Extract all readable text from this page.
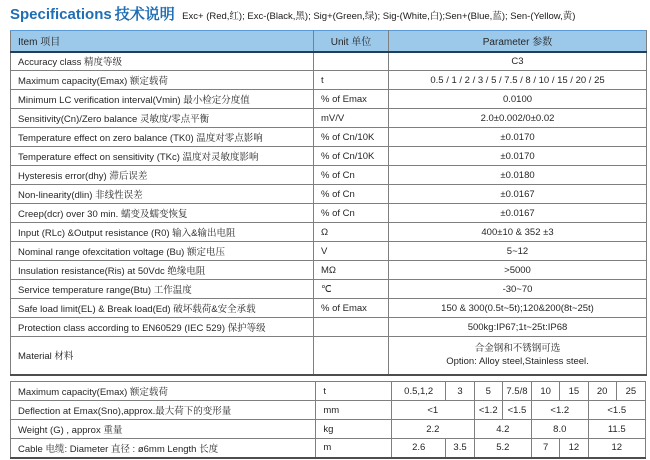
Specifications 技术说明 Exc+ (Red,红); Exc-(Black,黑); Sig+(Green,绿); Sig-(White,白);Sen+(Blue,蓝); Sen-(Yellow,黄)
Item 项目	Unit 单位	Parameter 参数
Accuracy class 精度等级		C3
Maximum capacity(Emax) 额定载荷	t	0.5 / 1 / 2 / 3 / 5 / 7.5 / 8 / 10 / 15 / 20 / 25
Minimum LC verification interval(Vmin) 最小检定分度值	% of Emax	0.0100
Sensitivity(Cn)/Zero balance 灵敏度/零点平衡	mV/V	2.0±0.002/0±0.02
Temperature effect on zero balance (TK0) 温度对零点影响	% of Cn/10K	±0.0170
Temperature effect on sensitivity (TKc) 温度对灵敏度影响	% of Cn/10K	±0.0170
Hysteresis error(dhy) 滞后误差	% of Cn	±0.0180
Non-linearity(dlin) 非线性误差	% of Cn	±0.0167
Creep(dcr) over 30 min. 蠕变及蠕变恢复	% of Cn	±0.0167
Input (RLc) &Output resistance (R0) 输入&输出电阻	Ω	400±10 & 352 ±3
Nominal range ofexcitation voltage (Bu) 额定电压	V	5~12
Insulation resistance(Ris) at 50Vdc 绝缘电阻	MΩ	>5000
Service temperature range(Btu) 工作温度	℃	-30~70
Safe load limit(EL) & Break load(Ed) 破坏载荷&安全承载	% of Emax	150 & 300(0.5t~5t);120&200(8t~25t)
Protection class according to EN60529 (IEC 529) 保护等级		500kg:IP67;1t~25t:IP68
Material 材料		合金钢和不锈钢可选
Option: Alloy steel,Stainless steel.
Maximum capacity(Emax) 额定载荷	t	0.5,1,2	3	5	7.5/8	10	15	20	25
Deflection at Emax(Sno),approx.最大荷下的变形量	mm	<1		<1.2	<1.5	<1.2		<1.5	
Weight (G) , approx 重量	kg	2.2		4.2		8.0		11.5	
Cable 电缆: Diameter 直径 : ø6mm Length 长度	m	2.6	3.5	5.2		7	12	12	
